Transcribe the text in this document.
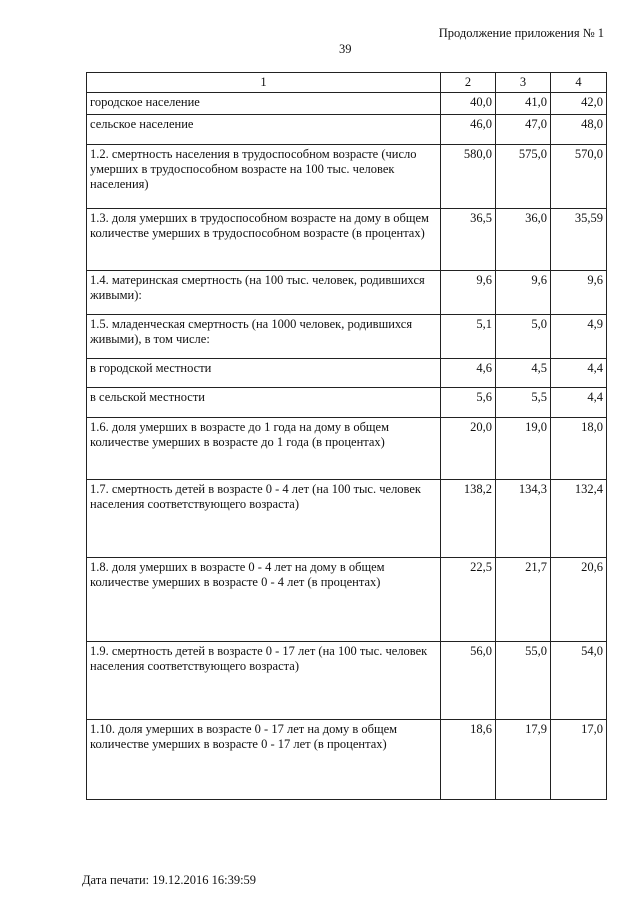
Продолжение приложения № 1
39
1	2	3	4
городское население	40,0	41,0	42,0
сельское население	46,0	47,0	48,0
1.2. смертность населения в трудоспособном возрасте (число умерших в трудоспособном возрасте на 100 тыс. человек населения)	580,0	575,0	570,0
1.3. доля умерших в трудоспособном возрасте на дому в общем количестве умерших в трудоспособном возрасте (в процентах)	36,5	36,0	35,59
1.4. материнская смертность (на 100 тыс. человек, родившихся живыми):	9,6	9,6	9,6
1.5. младенческая смертность (на 1000 человек, родившихся живыми), в том числе:	5,1	5,0	4,9
в городской местности	4,6	4,5	4,4
в сельской местности	5,6	5,5	4,4
1.6. доля умерших в возрасте до 1 года на дому в общем количестве умерших в возрасте до 1 года (в процентах)	20,0	19,0	18,0
1.7. смертность детей в возрасте 0 - 4 лет (на 100 тыс. человек населения соответствующего возраста)	138,2	134,3	132,4
1.8. доля умерших в возрасте 0 - 4 лет на дому в общем количестве умерших в возрасте 0 - 4 лет (в процентах)	22,5	21,7	20,6
1.9. смертность детей в возрасте 0 - 17 лет (на 100 тыс. человек населения соответствующего возраста)	56,0	55,0	54,0
1.10. доля умерших в возрасте 0 - 17 лет на дому в общем количестве умерших в возрасте 0 - 17 лет (в процентах)	18,6	17,9	17,0
Дата печати: 19.12.2016 16:39:59
